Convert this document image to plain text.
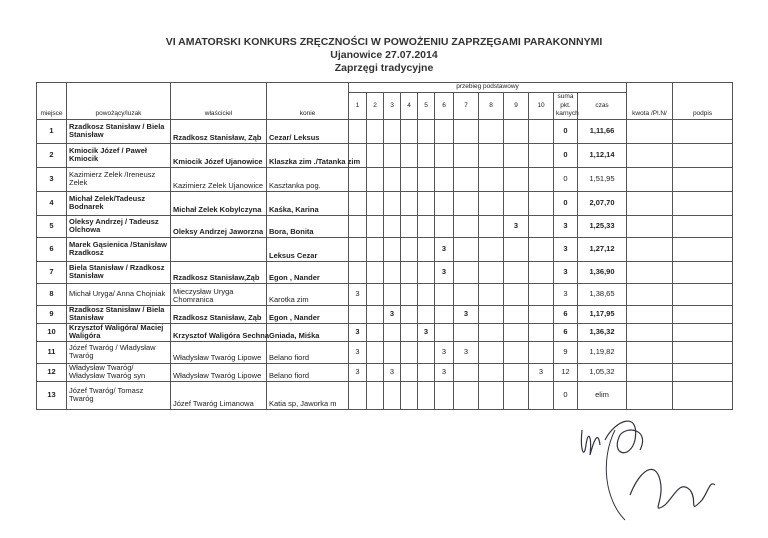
VI AMATORSKI KONKURS ZRĘCZNOŚCI W POWOŻENIU ZAPRZĘGAMI PARAKONNYMI
Ujanowice 27.07.2014
Zaprzęgi tradycyjne
miejsce	powożący/luzak	właściciel	konie	przebieg podstawowy												kwota /Pl.N/	podpis
				1	2	3	4	5	6	7	8	9	10	suma pkt. karnych	czas		
1	Rzadkosz Stanisław / Biela Stanisław	Rzadkosz Stanisław, Ząb	Cezar/ Leksus											0	1,11,66		
2	Kmiocik Józef / Paweł Kmiocik	Kmiocik Józef Ujanowice	Klaszka zim ./Tatanka zim											0	1,12,14		
3	Kazimierz Zelek /Ireneusz Zelek	Kazimierz Zelek Ujanowice	Kasztanka pog.											0	1,51,95		
4	Michał Zelek/Tadeusz Bodnarek	Michał Zelek Kobylczyna	Kaśka, Karina											0	2,07,70		
5	Oleksy Andrzej / Tadeusz Olchowa	Oleksy Andrzej Jaworzna	Bora, Bonita									3		3	1,25,33		
6	Marek Gąsienica /Stanisław Rzadkosz		Leksus Cezar						3					3	1,27,12		
7	Biela Stanisław / Rzadkosz Stanisław	Rzadkosz Stanisław,Ząb	Egon , Nander						3					3	1,36,90		
8	Michał Uryga/ Anna Chojniak	Mieczysław Uryga Chomranica	Karotka zim	3										3	1,38,65		
9	Rzadkosz Stanisław / Biela Stanisław	Rzadkosz Stanisław, Ząb	Egon , Nander			3				3				6	1,17,95		
10	Krzysztof Waligóra/ Maciej Waligóra	Krzysztof Waligóra Sechna	Gniada, Miśka	3				3						6	1,36,32		
11	Józef Twaróg / Władysław Twaróg	Władysław Twaróg Lipowe	Belano fiord	3					3	3				9	1,19,82		
12	Władysław Twaróg/ Władysław Twaróg syn	Władysław Twaróg Lipowe	Belano fiord	3		3			3				3	12	1,05,32		
13	Józef Twaróg/ Tomasz Twaróg	Józef Twaróg Limanowa	Katia sp, Jaworka m											0	elim		
